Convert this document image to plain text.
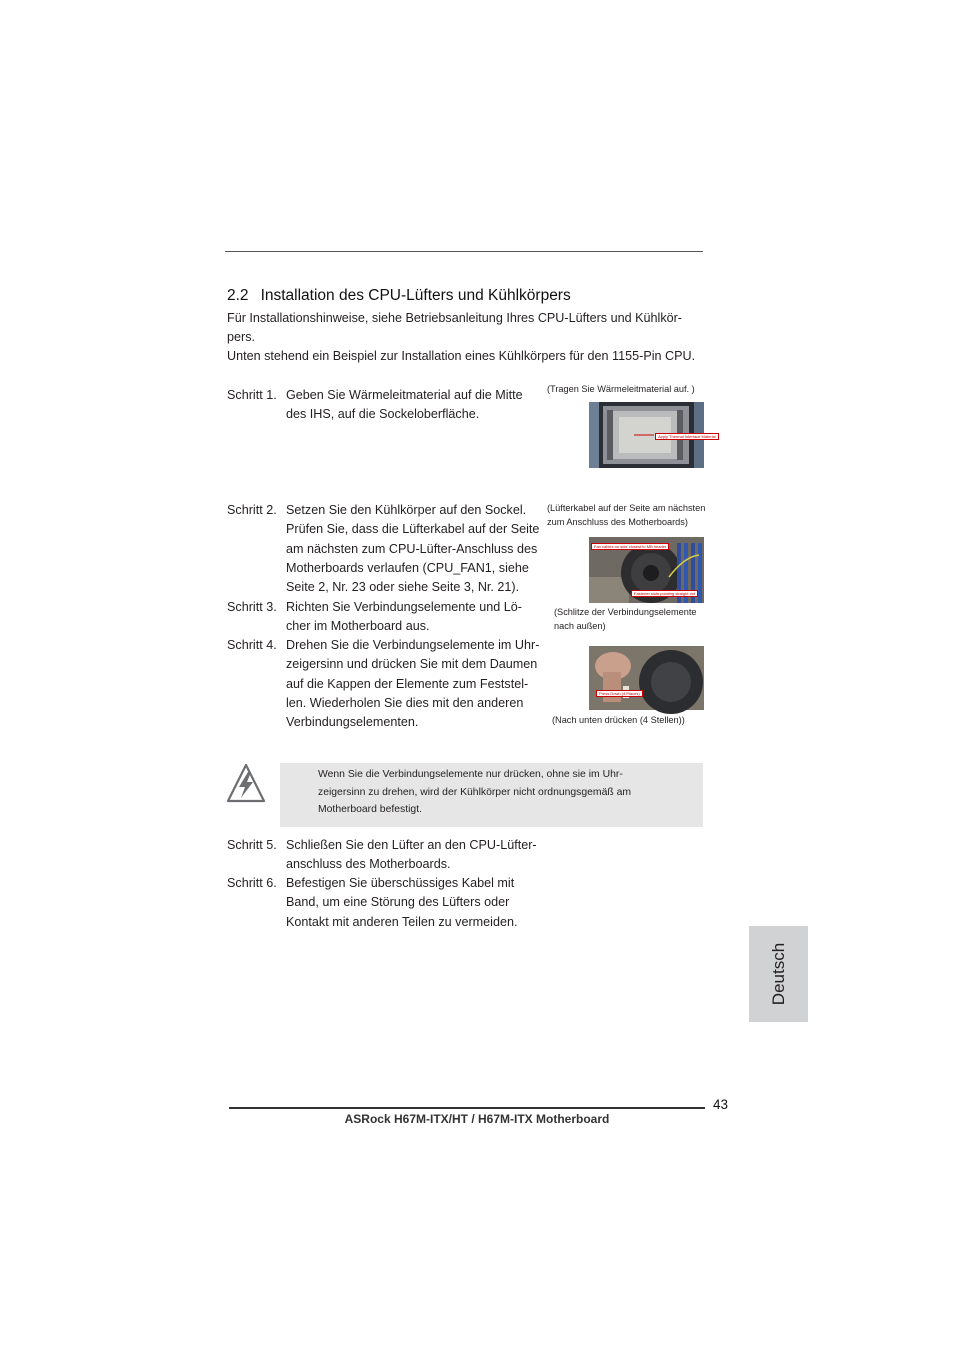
2.2 Installation des CPU-Lüfters und Kühlkörpers

Für Installationshinweise, siehe Betriebsanleitung Ihres CPU-Lüfters und Kühlkör-

pers.

Unten stehend ein Beispiel zur Installation eines Kühlkörpers für den 1155-Pin CPU.

Schritt 1. Geben Sie Wärmeleitmaterial auf die Mitte des IHS, auf die Sockeloberfläche.
Schritt 2. Setzen Sie den Kühlkörper auf den Sockel. Prüfen Sie, dass die Lüfterkabel auf der Seite am nächsten zum CPU-Lüfter-Anschluss des Motherboards verlaufen (CPU_FAN1, siehe Seite 2, Nr. 23 oder siehe Seite 3, Nr. 21).
Schritt 3. Richten Sie Verbindungselemente und Lö-cher im Motherboard aus.
Schritt 4. Drehen Sie die Verbindungselemente im Uhr-zeigersinn und drücken Sie mit dem Daumen auf die Kappen der Elemente zum Feststel-len. Wiederholen Sie dies mit den anderen Verbindungselementen.
(Tragen Sie Wärmeleitmaterial auf. )
Apply Thermal Interface Material
(Lüfterkabel auf der Seite am nächsten zum Anschluss des Motherboards)
Fan cables on side closest to MB header
Fastener slots pointing straight out
(Schlitze der Verbindungselemente nach außen)
Press Down (4 Places)
(Nach unten drücken (4 Stellen))
Wenn Sie die Verbindungselemente nur drücken, ohne sie im Uhr-zeigersinn zu drehen, wird der Kühlkörper nicht ordnungsgemäß am Motherboard befestigt.
Schritt 5. Schließen Sie den Lüfter an den CPU-Lüfter-anschluss des Motherboards.
Schritt 6. Befestigen Sie überschüssiges Kabel mit Band, um eine Störung des Lüfters oder Kontakt mit anderen Teilen zu vermeiden.
Deutsch
43
ASRock H67M-ITX/HT / H67M-ITX Motherboard
